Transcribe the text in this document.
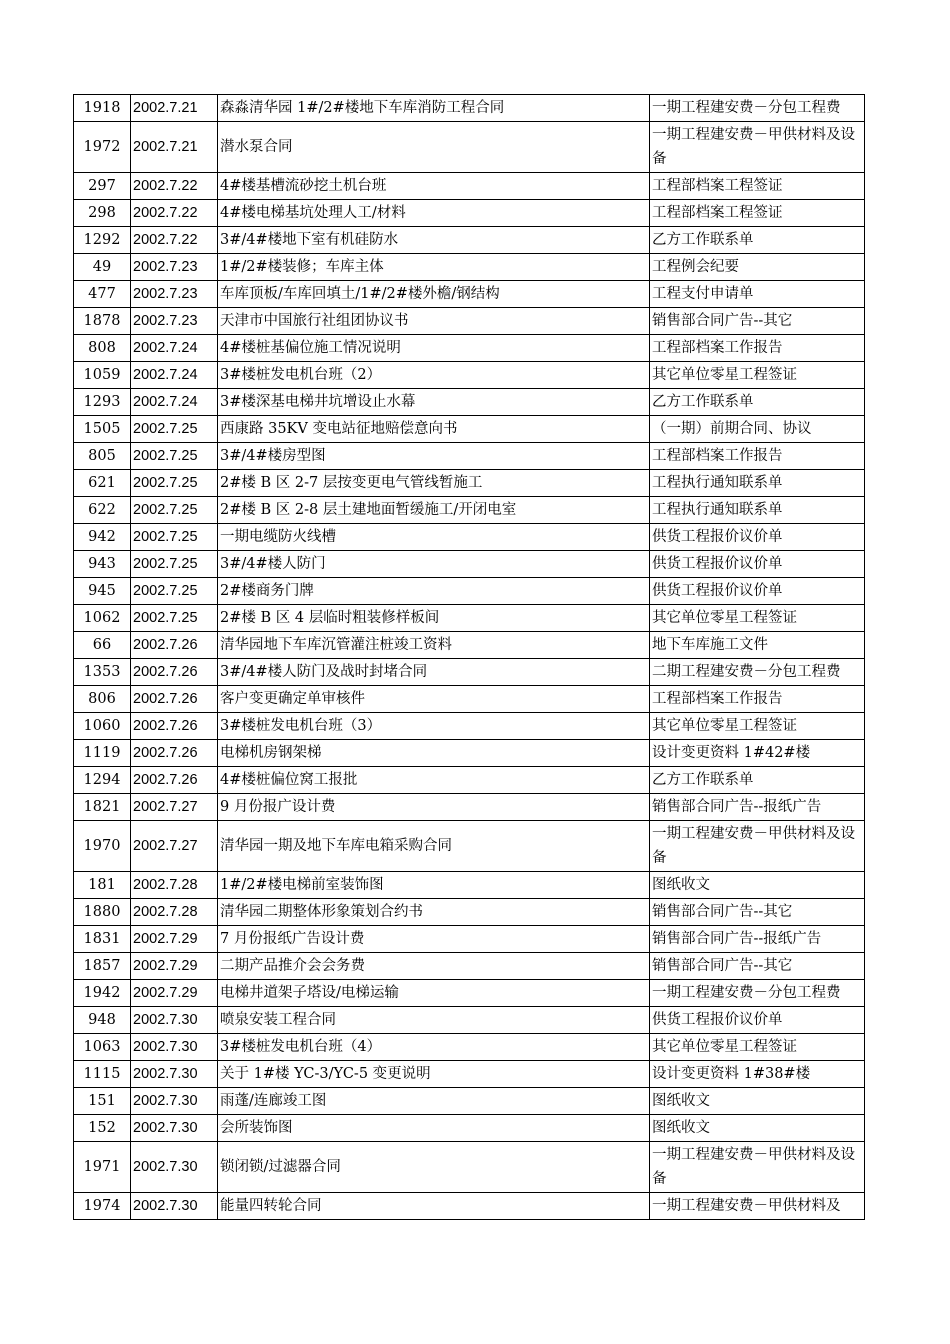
1918	2002.7.21	森淼清华园 1#/2#楼地下车库消防工程合同	一期工程建安费－分包工程费
1972	2002.7.21	潜水泵合同	一期工程建安费－甲供材料及设备
297	2002.7.22	4#楼基槽流砂挖土机台班	工程部档案工程签证
298	2002.7.22	4#楼电梯基坑处理人工/材料	工程部档案工程签证
1292	2002.7.22	3#/4#楼地下室有机硅防水	乙方工作联系单
49	2002.7.23	1#/2#楼装修；车库主体	工程例会纪要
477	2002.7.23	车库顶板/车库回填土/1#/2#楼外檐/钢结构	工程支付申请单
1878	2002.7.23	天津市中国旅行社组团协议书	销售部合同广告--其它
808	2002.7.24	4#楼桩基偏位施工情况说明	工程部档案工作报告
1059	2002.7.24	3#楼桩发电机台班（2）	其它单位零星工程签证
1293	2002.7.24	3#楼深基电梯井坑增设止水幕	乙方工作联系单
1505	2002.7.25	西康路 35KV 变电站征地赔偿意向书	（一期）前期合同、协议
805	2002.7.25	3#/4#楼房型图	工程部档案工作报告
621	2002.7.25	2#楼 B 区 2-7 层按变更电气管线暂施工	工程执行通知联系单
622	2002.7.25	2#楼 B 区 2-8 层土建地面暂缓施工/开闭电室	工程执行通知联系单
942	2002.7.25	一期电缆防火线槽	供货工程报价议价单
943	2002.7.25	3#/4#楼人防门	供货工程报价议价单
945	2002.7.25	2#楼商务门牌	供货工程报价议价单
1062	2002.7.25	2#楼 B 区 4 层临时粗装修样板间	其它单位零星工程签证
66	2002.7.26	清华园地下车库沉管灌注桩竣工资料	地下车库施工文件
1353	2002.7.26	3#/4#楼人防门及战时封堵合同	二期工程建安费－分包工程费
806	2002.7.26	客户变更确定单审核件	工程部档案工作报告
1060	2002.7.26	3#楼桩发电机台班（3）	其它单位零星工程签证
1119	2002.7.26	电梯机房钢架梯	设计变更资料 1#42#楼
1294	2002.7.26	4#楼桩偏位窝工报批	乙方工作联系单
1821	2002.7.27	9 月份报广设计费	销售部合同广告--报纸广告
1970	2002.7.27	清华园一期及地下车库电箱采购合同	一期工程建安费－甲供材料及设备
181	2002.7.28	1#/2#楼电梯前室装饰图	图纸收文
1880	2002.7.28	清华园二期整体形象策划合约书	销售部合同广告--其它
1831	2002.7.29	7 月份报纸广告设计费	销售部合同广告--报纸广告
1857	2002.7.29	二期产品推介会会务费	销售部合同广告--其它
1942	2002.7.29	电梯井道架子塔设/电梯运输	一期工程建安费－分包工程费
948	2002.7.30	喷泉安装工程合同	供货工程报价议价单
1063	2002.7.30	3#楼桩发电机台班（4）	其它单位零星工程签证
1115	2002.7.30	关于 1#楼 YC-3/YC-5 变更说明	设计变更资料 1#38#楼
151	2002.7.30	雨蓬/连廊竣工图	图纸收文
152	2002.7.30	会所装饰图	图纸收文
1971	2002.7.30	锁闭锁/过滤器合同	一期工程建安费－甲供材料及设备
1974	2002.7.30	能量四转轮合同	一期工程建安费－甲供材料及
